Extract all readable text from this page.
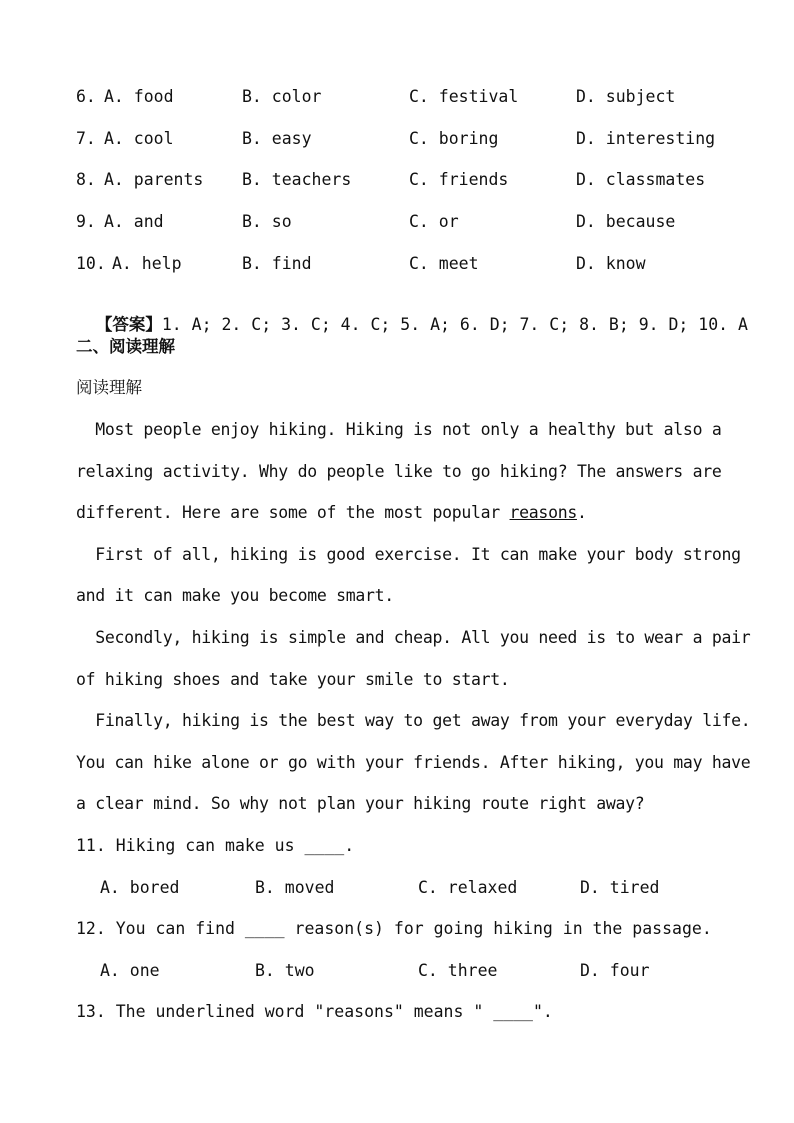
6. A. food	B. color	C. festival	D. subject
7. A. cool	B. easy	C. boring	D. interesting
8. A. parents B. teachers	C. friends	D. classmates
9. A. and	B. so	C. or	D. because
10. A. help	B. find	C. meet	D. know

【答案】1. A; 2. C; 3. C; 4. C; 5. A; 6. D; 7. C; 8. B; 9. D; 10. A

二、阅读理解
阅读理解
Most people enjoy hiking. Hiking is not only a healthy but also a
relaxing activity. Why do people like to go hiking? The answers are
different. Here are some of the most popular reasons.
First of all, hiking is good exercise. It can make your body strong
and it can make you become smart.
Secondly, hiking is simple and cheap. All you need is to wear a pair
of hiking shoes and take your smile to start.
Finally, hiking is the best way to get away from your everyday life.
You can hike alone or go with your friends. After hiking, you may have
a clear mind. So why not plan your hiking route right away?
11. Hiking can make us ____.
A. bored	B. moved	C. relaxed	D. tired
12. You can find ____ reason(s) for going hiking in the passage.
A. one	B. two	C. three	D. four
13. The underlined word "reasons" means " ____".
